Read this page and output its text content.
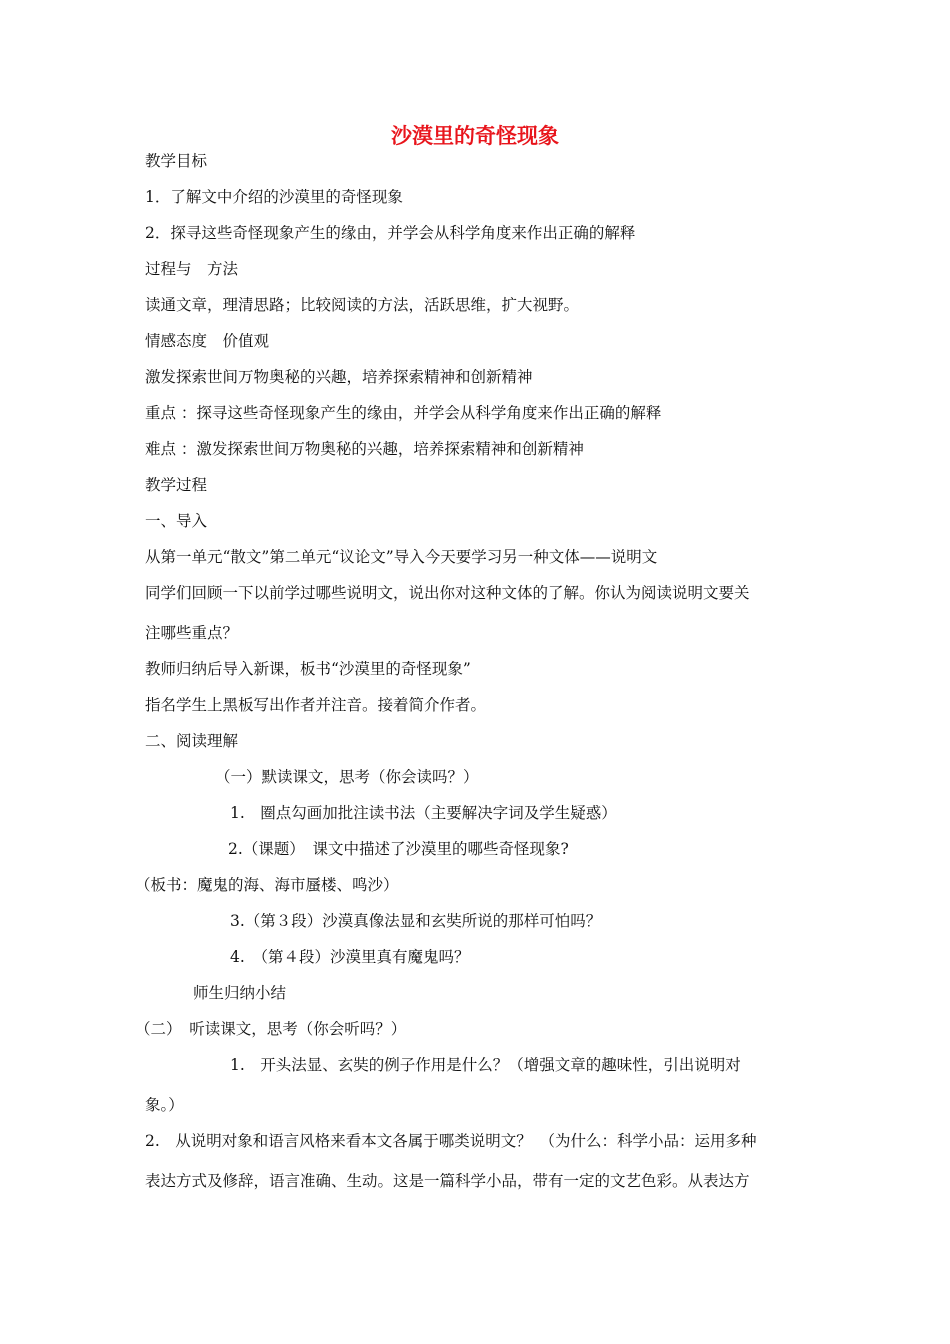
沙漠里的奇怪现象

教学目标

1．了解文中介绍的沙漠里的奇怪现象

2．探寻这些奇怪现象产生的缘由，并学会从科学角度来作出正确的解释

过程与　方法

读通文章，理清思路；比较阅读的方法，活跃思维，扩大视野。

情感态度　价值观

激发探索世间万物奥秘的兴趣，培养探索精神和创新精神

重点 ：探寻这些奇怪现象产生的缘由，并学会从科学角度来作出正确的解释

难点 ：激发探索世间万物奥秘的兴趣，培养探索精神和创新精神

教学过程

一、导入

从第一单元“散文”第二单元“议论文”导入今天要学习另一种文体——说明文

同学们回顾一下以前学过哪些说明文，说出你对这种文体的了解。你认为阅读说明文要关

注哪些重点？

教师归纳后导入新课，板书“沙漠里的奇怪现象”

指名学生上黑板写出作者并注音。接着简介作者。

二、阅读理解

（一）默读课文，思考（你会读吗？）

1.　圈点勾画加批注读书法（主要解决字词及学生疑惑）

2.（课题）　课文中描述了沙漠里的哪些奇怪现象?

（板书：魔鬼的海、海市蜃楼、鸣沙）

3.（第３段）沙漠真像法显和玄奘所说的那样可怕吗？

4.　（第４段）沙漠里真有魔鬼吗？

师生归纳小结

（二）　听读课文，思考（你会听吗？）

1.　开头法显、玄奘的例子作用是什么？（增强文章的趣味性，引出说明对

象。）

2.　从说明对象和语言风格来看本文各属于哪类说明文？　（为什么：科学小品：运用多种

表达方式及修辞，语言准确、生动。这是一篇科学小品，带有一定的文艺色彩。从表达方
